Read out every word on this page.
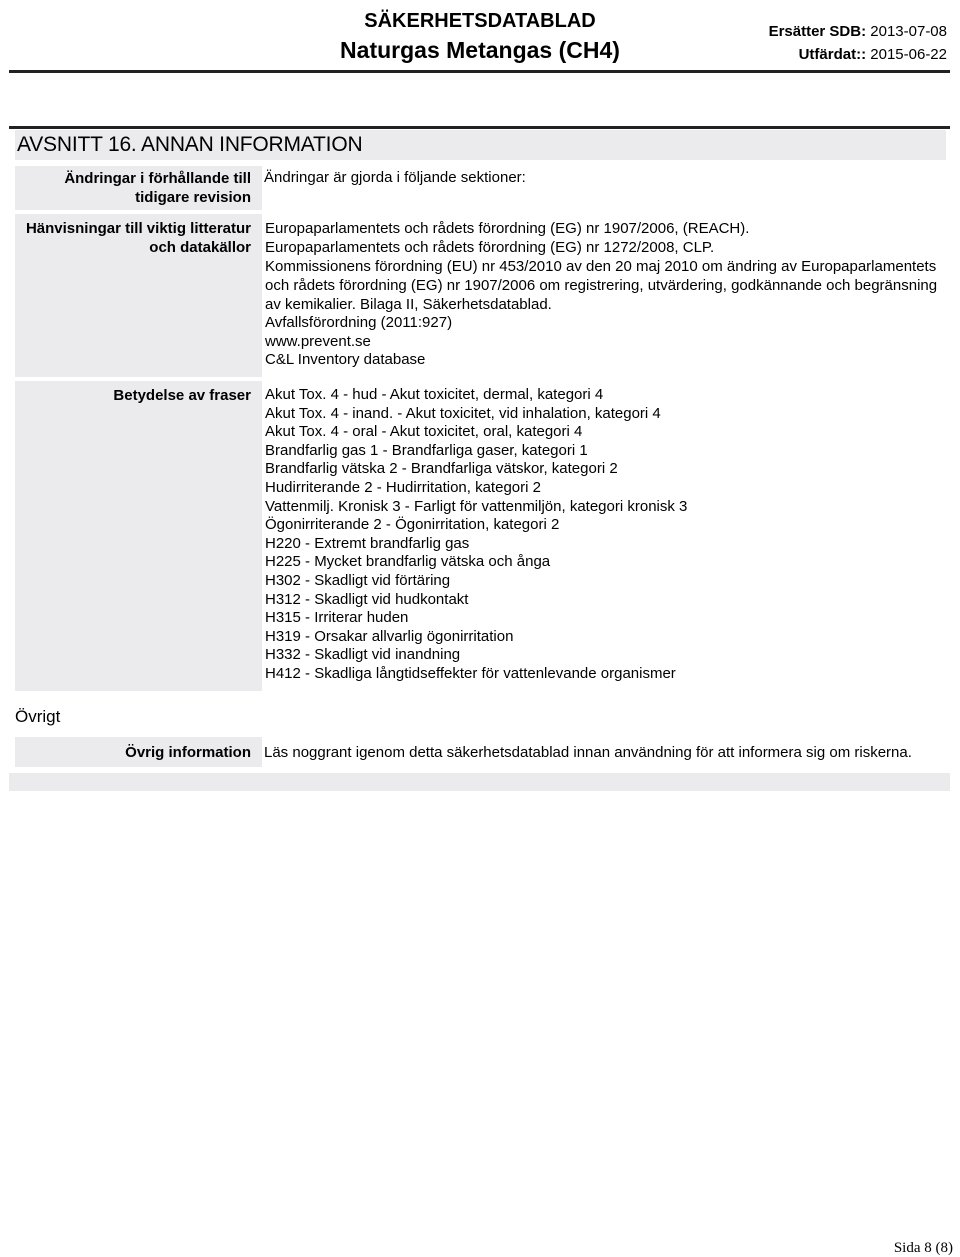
SÄKERHETSDATABLAD
Naturgas Metangas (CH4)
Ersätter SDB: 2013-07-08
Utfärdat:: 2015-06-22
AVSNITT 16. ANNAN INFORMATION
Ändringar i förhållande till
tidigare revision
Ändringar är gjorda i följande sektioner:
Hänvisningar till viktig litteratur
och datakällor
Europaparlamentets och rådets förordning (EG) nr 1907/2006, (REACH).
Europaparlamentets och rådets förordning (EG) nr 1272/2008, CLP.
Kommissionens förordning (EU) nr 453/2010 av den 20 maj 2010 om ändring av Europaparlamentets och rådets förordning (EG) nr 1907/2006 om registrering, utvärdering, godkännande och begränsning av kemikalier. Bilaga II, Säkerhetsdatablad.
Avfallsförordning (2011:927)
www.prevent.se
C&L Inventory database
Betydelse av fraser Akut Tox. 4 - hud - Akut toxicitet, dermal, kategori 4
Akut Tox. 4 - inand. - Akut toxicitet, vid inhalation, kategori 4
Akut Tox. 4 - oral - Akut toxicitet, oral, kategori 4
Brandfarlig gas 1 - Brandfarliga gaser, kategori 1
Brandfarlig vätska 2 - Brandfarliga vätskor, kategori 2
Hudirriterande 2 - Hudirritation, kategori 2
Vattenmilj. Kronisk 3 - Farligt för vattenmiljön, kategori kronisk 3
Ögonirriterande 2 - Ögonirritation, kategori 2
H220 - Extremt brandfarlig gas
H225 - Mycket brandfarlig vätska och ånga
H302 - Skadligt vid förtäring
H312 - Skadligt vid hudkontakt
H315 - Irriterar huden
H319 - Orsakar allvarlig ögonirritation
H332 - Skadligt vid inandning
H412 - Skadliga långtidseffekter för vattenlevande organismer
Övrigt
Övrig information Läs noggrant igenom detta säkerhetsdatablad innan användning för att informera sig om riskerna.
Sida 8 (8)
